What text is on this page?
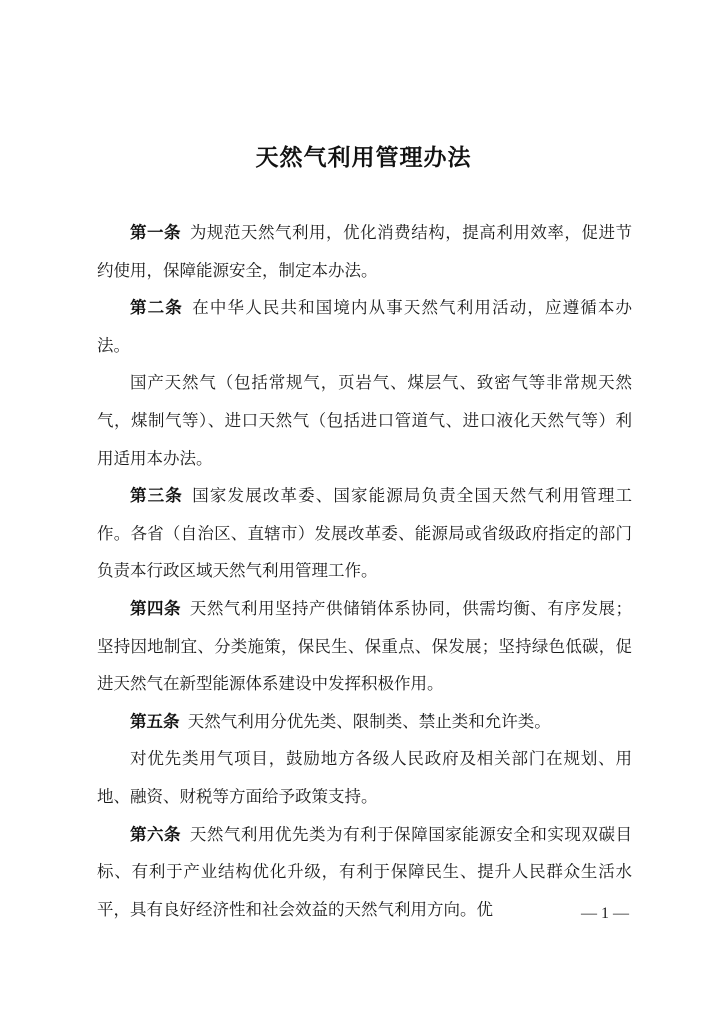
天然气利用管理办法

第一条  为规范天然气利用，优化消费结构，提高利用效率，促进节约使用，保障能源安全，制定本办法。

第二条  在中华人民共和国境内从事天然气利用活动，应遵循本办法。

国产天然气（包括常规气，页岩气、煤层气、致密气等非常规天然气，煤制气等）、进口天然气（包括进口管道气、进口液化天然气等）利用适用本办法。

第三条  国家发展改革委、国家能源局负责全国天然气利用管理工作。各省（自治区、直辖市）发展改革委、能源局或省级政府指定的部门负责本行政区域天然气利用管理工作。

第四条  天然气利用坚持产供储销体系协同，供需均衡、有序发展；坚持因地制宜、分类施策，保民生、保重点、保发展；坚持绿色低碳，促进天然气在新型能源体系建设中发挥积极作用。

第五条  天然气利用分优先类、限制类、禁止类和允许类。

对优先类用气项目，鼓励地方各级人民政府及相关部门在规划、用地、融资、财税等方面给予政策支持。

第六条  天然气利用优先类为有利于保障国家能源安全和实现双碳目标、有利于产业结构优化升级，有利于保障民生、提升人民群众生活水平，具有良好经济性和社会效益的天然气利用方向。优	— 1 —
